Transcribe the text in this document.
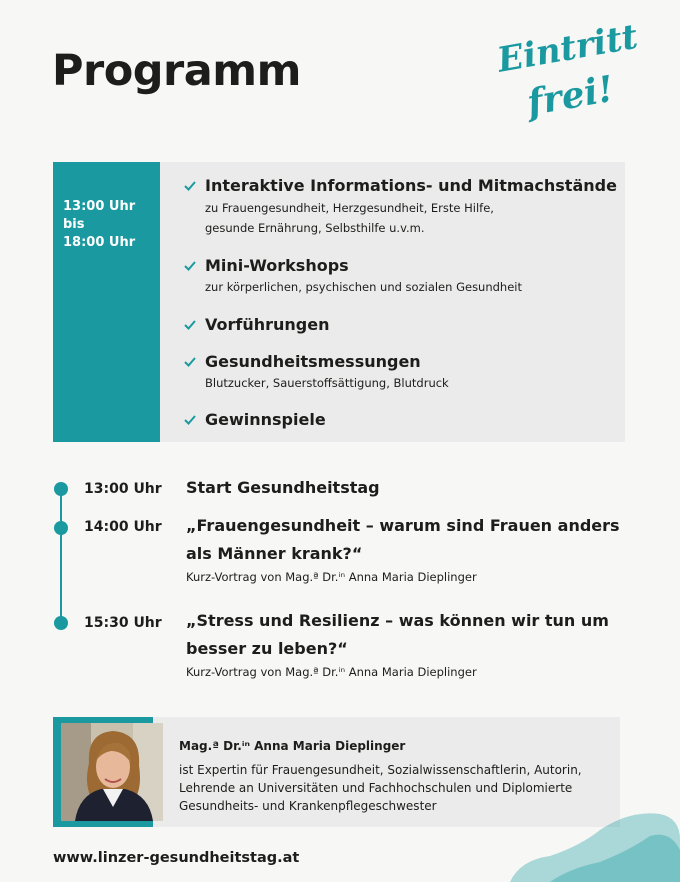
Programm	Eintritt
frei!
13:00 Uhr
bis
18:00 Uhr
Interaktive Informations- und Mitmachstände
zu Frauengesundheit, Herzgesundheit, Erste Hilfe,
gesunde Ernährung, Selbsthilfe u.v.m.
Mini-Workshops
zur körperlichen, psychischen und sozialen Gesundheit
Vorführungen
Gesundheitsmessungen
Blutzucker, Sauerstoffsättigung, Blutdruck
Gewinnspiele
13:00 Uhr Start Gesundheitstag
14:00 Uhr „Frauengesundheit – warum sind Frauen anders als Männer krank?“
Kurz-Vortrag von Mag.ª Dr.ⁱⁿ Anna Maria Dieplinger
15:30 Uhr „Stress und Resilienz – was können wir tun um besser zu leben?“
Kurz-Vortrag von Mag.ª Dr.ⁱⁿ Anna Maria Dieplinger
Mag.ª Dr.ⁱⁿ Anna Maria Dieplinger
ist Expertin für Frauengesundheit, Sozialwissenschaftlerin, Autorin, Lehrende an Universitäten und Fachhochschulen und Diplomierte Gesundheits- und Krankenpflegeschwester
www.linzer-gesundheitstag.at
